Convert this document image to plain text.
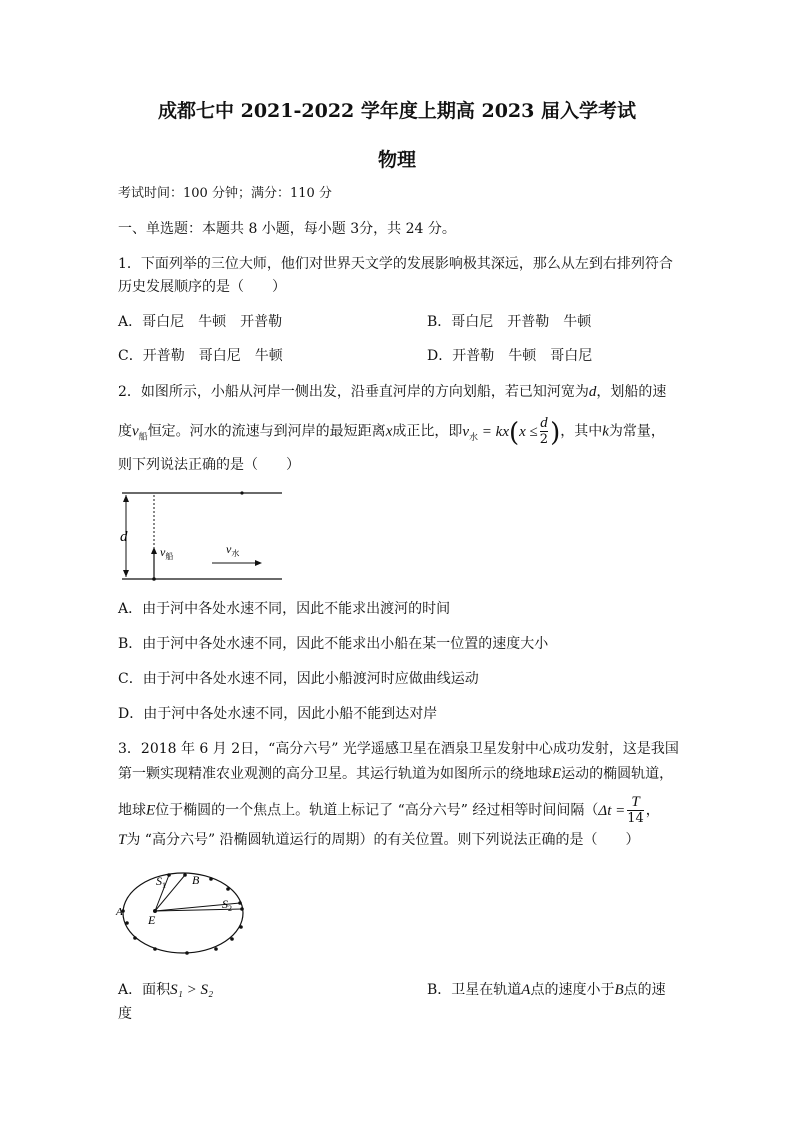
成都七中 2021-2022 学年度上期高 2023 届入学考试
物理
考试时间：100 分钟；满分：110 分
一、单选题：本题共 8 小题，每小题 3分，共 24 分。
1．下面列举的三位大师，他们对世界天文学的发展影响极其深远，那么从左到右排列符合
历史发展顺序的是（　　）
A．哥白尼　牛顿　开普勒	B．哥白尼　开普勒　牛顿
C．开普勒　哥白尼　牛顿	D．开普勒　牛顿　哥白尼
2．如图所示，小船从河岸一侧出发，沿垂直河岸的方向划船，若已知河宽为d，划船的速
度$v_船$恒定。河水的流速与到河岸的最短距离x成正比，即$v_水 = kx(x \le \frac{d}{2}$ )，其中k为常量，
则下列说法正确的是（　　）
d
$v_船$
$v_水$
A．由于河中各处水速不同，因此不能求出渡河的时间
B．由于河中各处水速不同，因此不能求出小船在某一位置的速度大小
C．由于河中各处水速不同，因此小船渡河时应做曲线运动
D．由于河中各处水速不同，因此小船不能到达对岸
3．2018 年 6 月 2日，“高分六号” 光学遥感卫星在酒泉卫星发射中心成功发射，这是我国
第一颗实现精准农业观测的高分卫星。其运行轨道为如图所示的绕地球E运动的椭圆轨道，
地球E位于椭圆的一个焦点上。轨道上标记了 “高分六号” 经过相等时间间隔（$\Delta t = \frac{T}{14}$ ，
T为 “高分六号” 沿椭圆轨道运行的周期）的有关位置。则下列说法正确的是（　　）
$S_1$ B
$S_2$
A
E
A．面积S₁ > S₂	B．卫星在轨道A点的速度小于B点的速
度
